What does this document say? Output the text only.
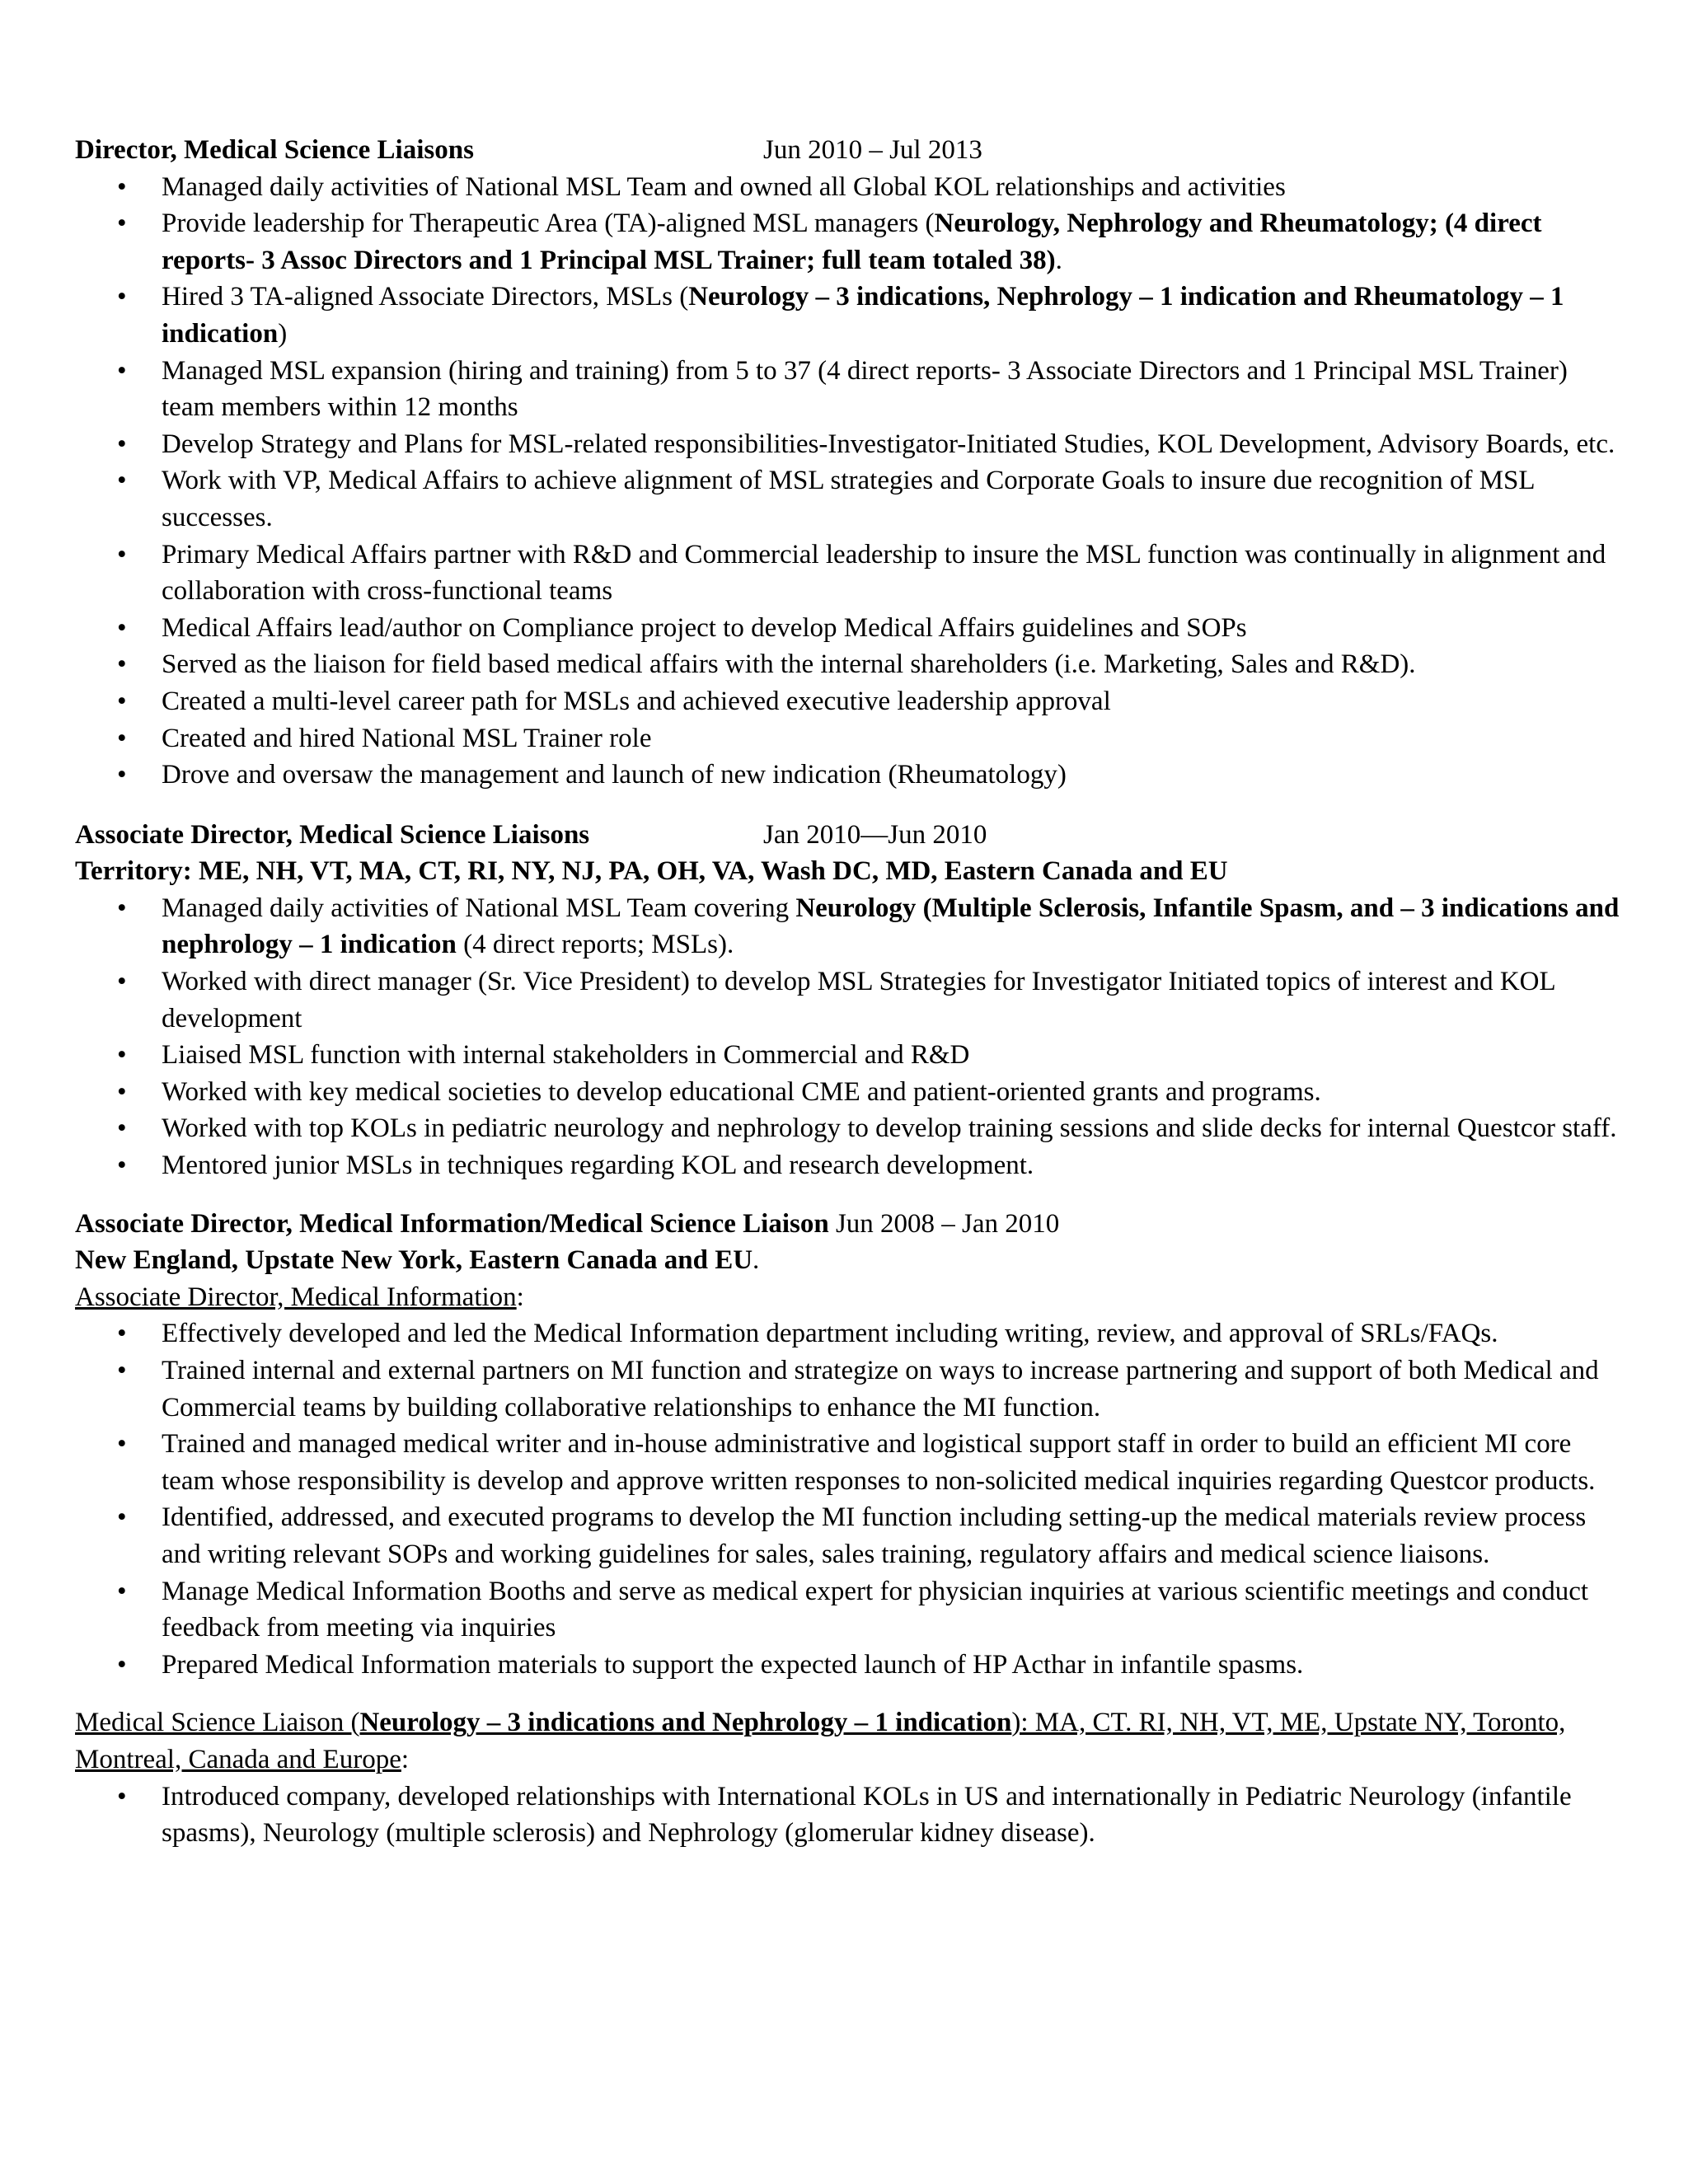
Director, Medical Science Liaisons	Jun 2010 – Jul 2013
• Managed daily activities of National MSL Team and owned all Global KOL relationships and activities
• Provide leadership for Therapeutic Area (TA)-aligned MSL managers (Neurology, Nephrology and Rheumatology; (4 direct reports- 3 Assoc Directors and 1 Principal MSL Trainer; full team totaled 38).
• Hired 3 TA-aligned Associate Directors, MSLs (Neurology – 3 indications, Nephrology – 1 indication and Rheumatology – 1 indication)
• Managed MSL expansion (hiring and training) from 5 to 37 (4 direct reports- 3 Associate Directors and 1 Principal MSL Trainer) team members within 12 months
• Develop Strategy and Plans for MSL-related responsibilities-Investigator-Initiated Studies, KOL Development, Advisory Boards, etc.
• Work with VP, Medical Affairs to achieve alignment of MSL strategies and Corporate Goals to insure due recognition of MSL successes.
• Primary Medical Affairs partner with R&D and Commercial leadership to insure the MSL function was continually in alignment and collaboration with cross-functional teams
• Medical Affairs lead/author on Compliance project to develop Medical Affairs guidelines and SOPs
• Served as the liaison for field based medical affairs with the internal shareholders (i.e. Marketing, Sales and R&D).
• Created a multi-level career path for MSLs and achieved executive leadership approval
• Created and hired National MSL Trainer role
• Drove and oversaw the management and launch of new indication (Rheumatology)
Associate Director, Medical Science Liaisons	Jan 2010—Jun 2010
Territory: ME, NH, VT, MA, CT, RI, NY, NJ, PA, OH, VA, Wash DC, MD, Eastern Canada and EU
• Managed daily activities of National MSL Team covering Neurology (Multiple Sclerosis, Infantile Spasm, and – 3 indications and nephrology – 1 indication (4 direct reports; MSLs).
• Worked with direct manager (Sr. Vice President) to develop MSL Strategies for Investigator Initiated topics of interest and KOL development
• Liaised MSL function with internal stakeholders in Commercial and R&D
• Worked with key medical societies to develop educational CME and patient-oriented grants and programs.
• Worked with top KOLs in pediatric neurology and nephrology to develop training sessions and slide decks for internal Questcor staff.
• Mentored junior MSLs in techniques regarding KOL and research development.
Associate Director, Medical Information/Medical Science Liaison Jun 2008 – Jan 2010
New England, Upstate New York, Eastern Canada and EU.
Associate Director, Medical Information:
• Effectively developed and led the Medical Information department including writing, review, and approval of SRLs/FAQs.
• Trained internal and external partners on MI function and strategize on ways to increase partnering and support of both Medical and Commercial teams by building collaborative relationships to enhance the MI function.
• Trained and managed medical writer and in-house administrative and logistical support staff in order to build an efficient MI core team whose responsibility is develop and approve written responses to non-solicited medical inquiries regarding Questcor products.
• Identified, addressed, and executed programs to develop the MI function including setting-up the medical materials review process and writing relevant SOPs and working guidelines for sales, sales training, regulatory affairs and medical science liaisons.
• Manage Medical Information Booths and serve as medical expert for physician inquiries at various scientific meetings and conduct feedback from meeting via inquiries
• Prepared Medical Information materials to support the expected launch of HP Acthar in infantile spasms.
Medical Science Liaison (Neurology – 3 indications and Nephrology – 1 indication): MA, CT. RI, NH, VT, ME, Upstate NY, Toronto, Montreal, Canada and Europe:
• Introduced company, developed relationships with International KOLs in US and internationally in Pediatric Neurology (infantile spasms), Neurology (multiple sclerosis) and Nephrology (glomerular kidney disease).
